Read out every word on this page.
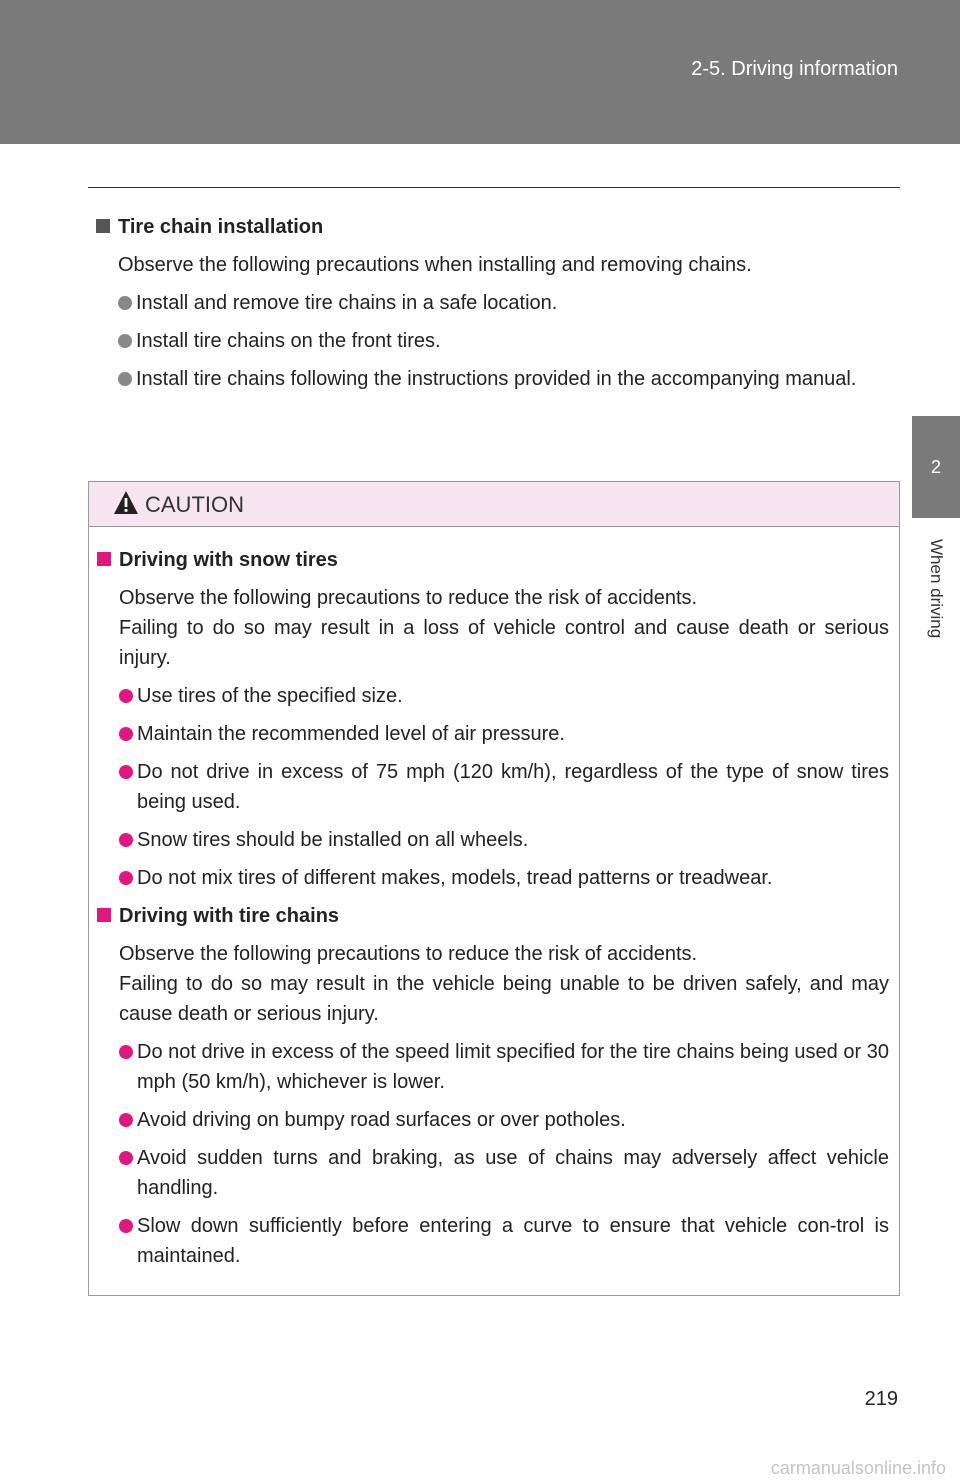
2-5. Driving information
2
When driving
Tire chain installation
Observe the following precautions when installing and removing chains.
Install and remove tire chains in a safe location.
Install tire chains on the front tires.
Install tire chains following the instructions provided in the accompanying manual.
CAUTION
Driving with snow tires
Observe the following precautions to reduce the risk of accidents.
Failing to do so may result in a loss of vehicle control and cause death or serious injury.
Use tires of the specified size.
Maintain the recommended level of air pressure.
Do not drive in excess of 75 mph (120 km/h), regardless of the type of snow tires being used.
Snow tires should be installed on all wheels.
Do not mix tires of different makes, models, tread patterns or treadwear.
Driving with tire chains
Observe the following precautions to reduce the risk of accidents.
Failing to do so may result in the vehicle being unable to be driven safely, and may cause death or serious injury.
Do not drive in excess of the speed limit specified for the tire chains being used or 30 mph (50 km/h), whichever is lower.
Avoid driving on bumpy road surfaces or over potholes.
Avoid sudden turns and braking, as use of chains may adversely affect vehicle handling.
Slow down sufficiently before entering a curve to ensure that vehicle con-trol is maintained.
219
carmanualsonline.info
